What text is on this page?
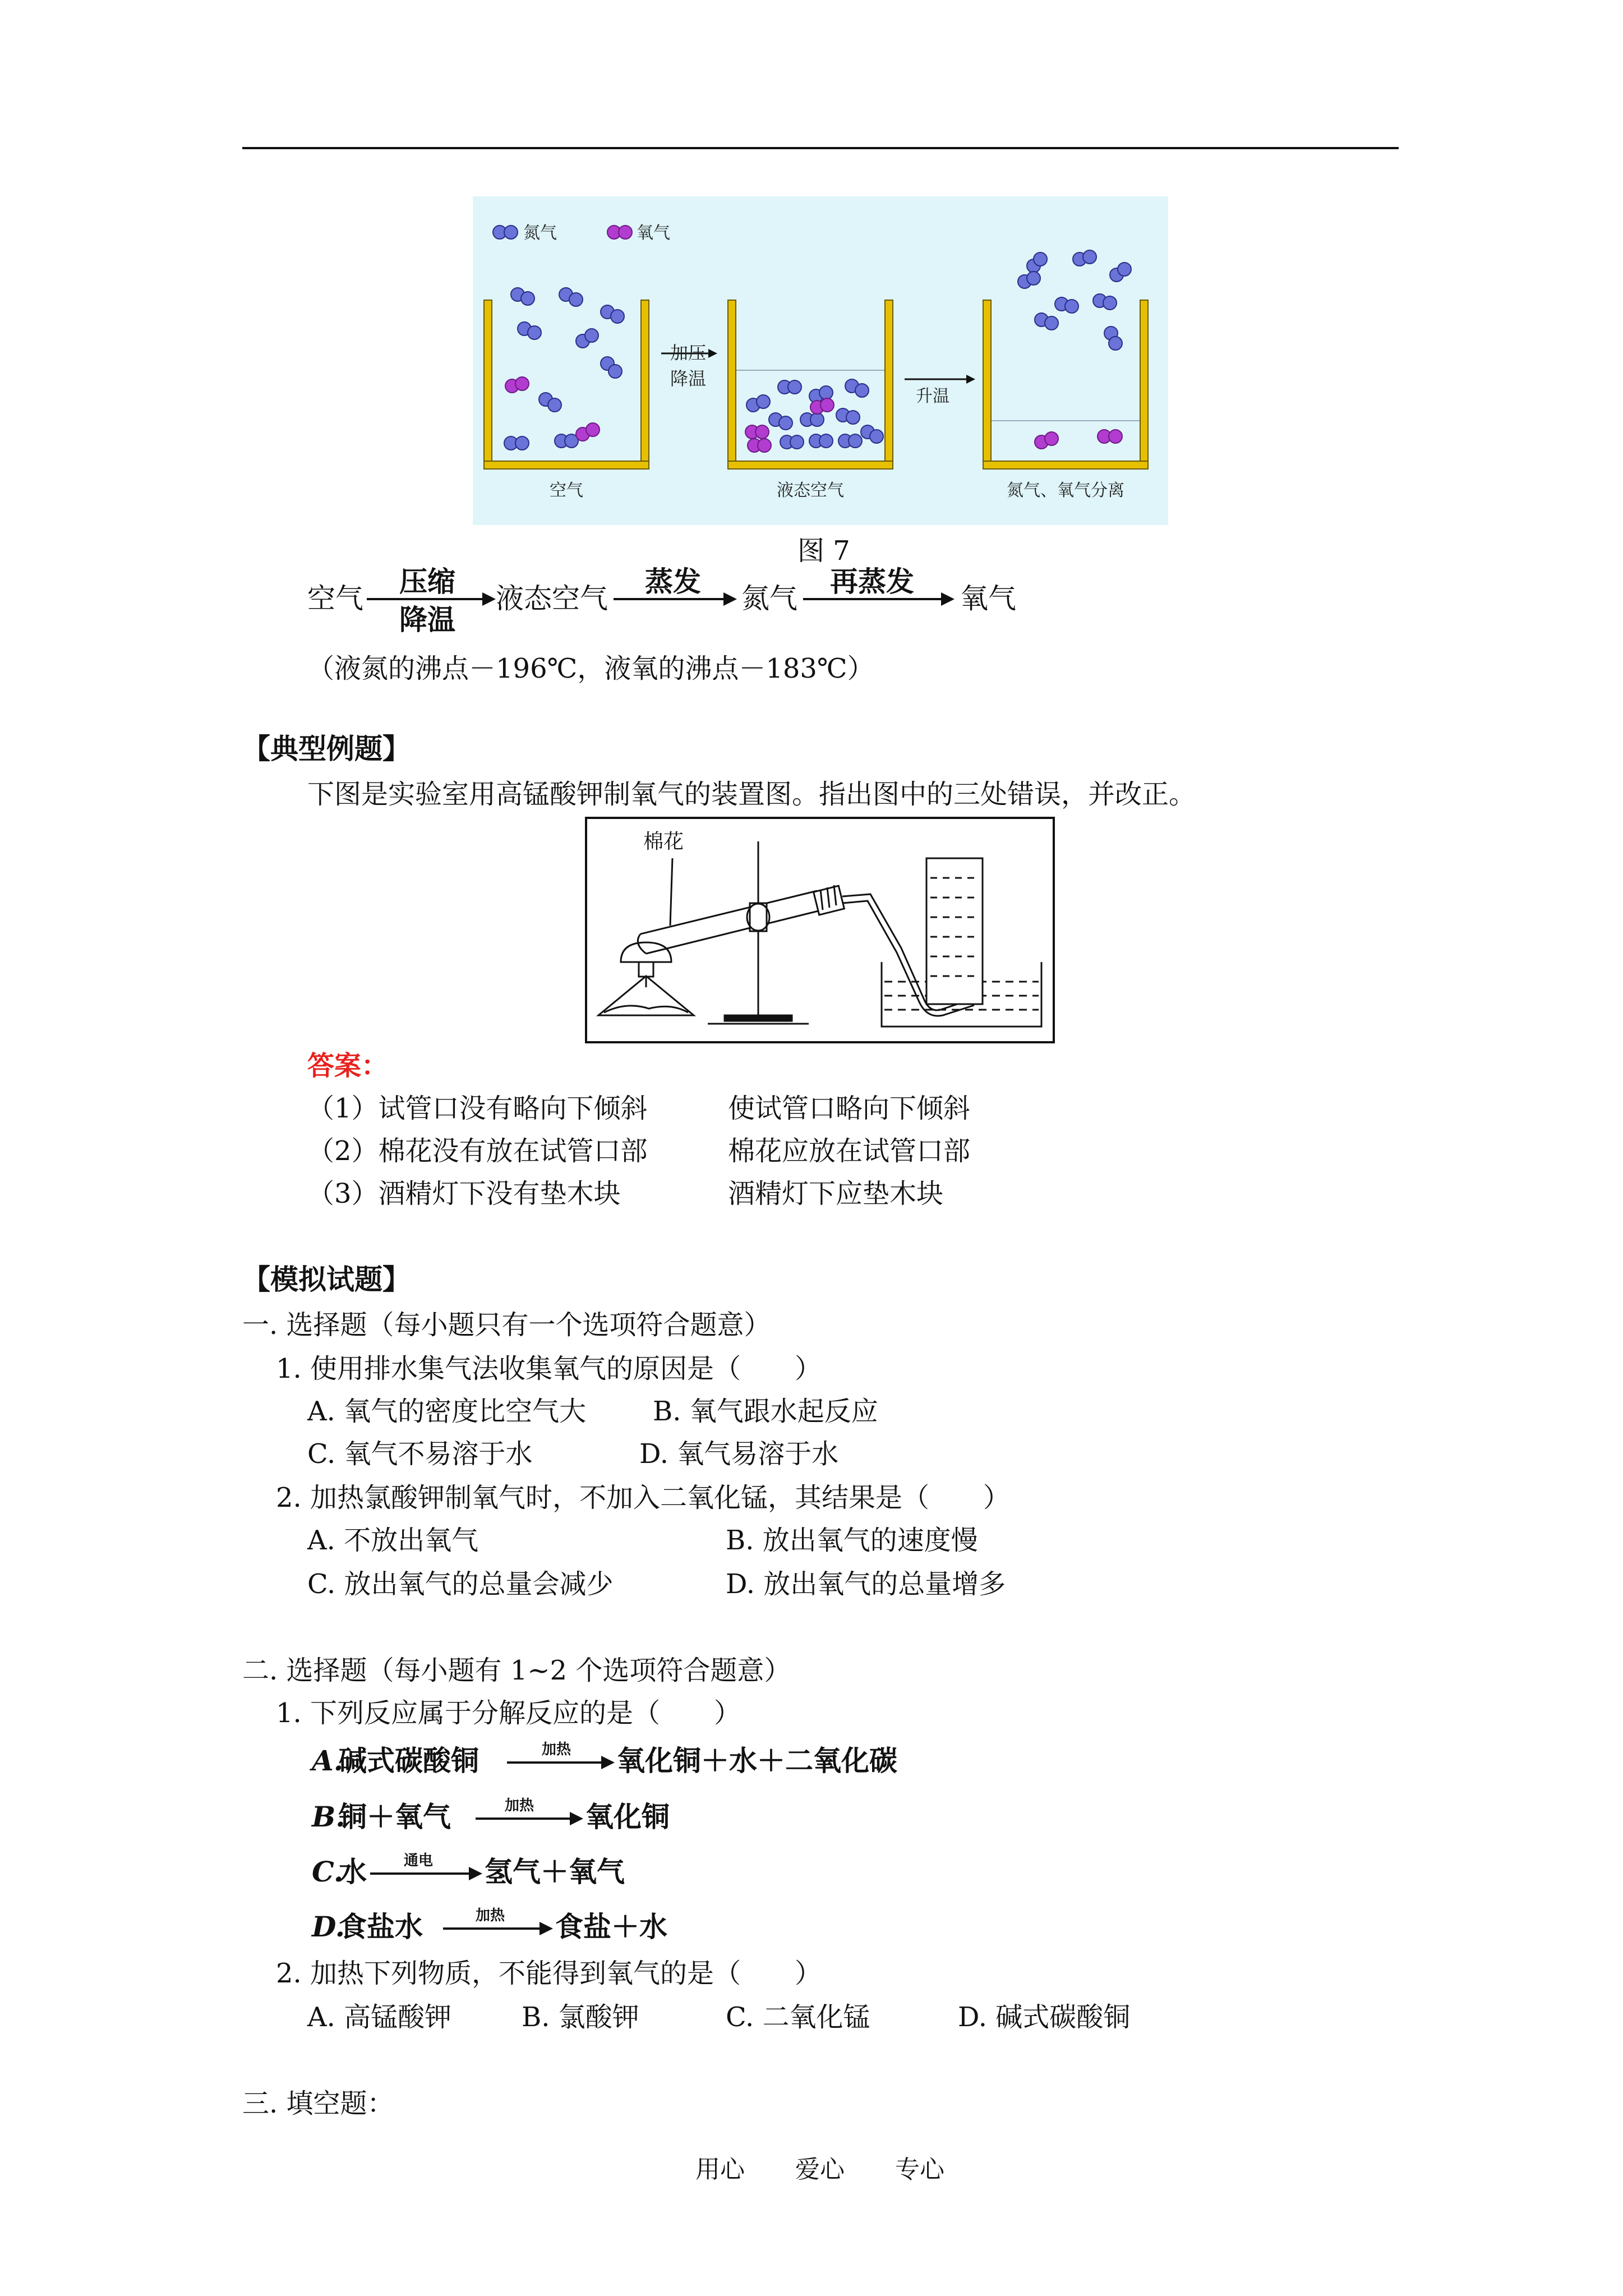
氮气	氧气
加压
降温
升温
空气	液态空气	氮气、氧气分离
图 7
空气
压缩
降温
液态空气
蒸发
氮气
再蒸发
氧气
（液氮的沸点－196℃，液氧的沸点－183℃）
【典型例题】
下图是实验室用高锰酸钾制氧气的装置图。指出图中的三处错误，并改正。
棉花
答案：
（1）试管口没有略向下倾斜	使试管口略向下倾斜
（2）棉花没有放在试管口部	棉花应放在试管口部
（3）酒精灯下没有垫木块	酒精灯下应垫木块
【模拟试题】
一. 选择题（每小题只有一个选项符合题意）
1. 使用排水集气法收集氧气的原因是（　　）
A. 氧气的密度比空气大 B. 氧气跟水起反应
C. 氧气不易溶于水	D. 氧气易溶于水
2. 加热氯酸钾制氧气时，不加入二氧化锰，其结果是（　　）
A. 不放出氧气	B. 放出氧气的速度慢
C. 放出氧气的总量会减少	D. 放出氧气的总量增多
二. 选择题（每小题有 1~2 个选项符合题意）
1. 下列反应属于分解反应的是（　　）
A.
碱式碳酸铜	加热 氧化铜＋水＋二氧化碳
B.
铜＋氧气	加热 氧化铜
C.
水	通电 氢气＋氧气
D.
食盐水	加热 食盐＋水
2. 加热下列物质，不能得到氧气的是（　　）
A. 高锰酸钾	B. 氯酸钾	C. 二氧化锰	D. 碱式碳酸铜
三. 填空题：
用心 爱心 专心
